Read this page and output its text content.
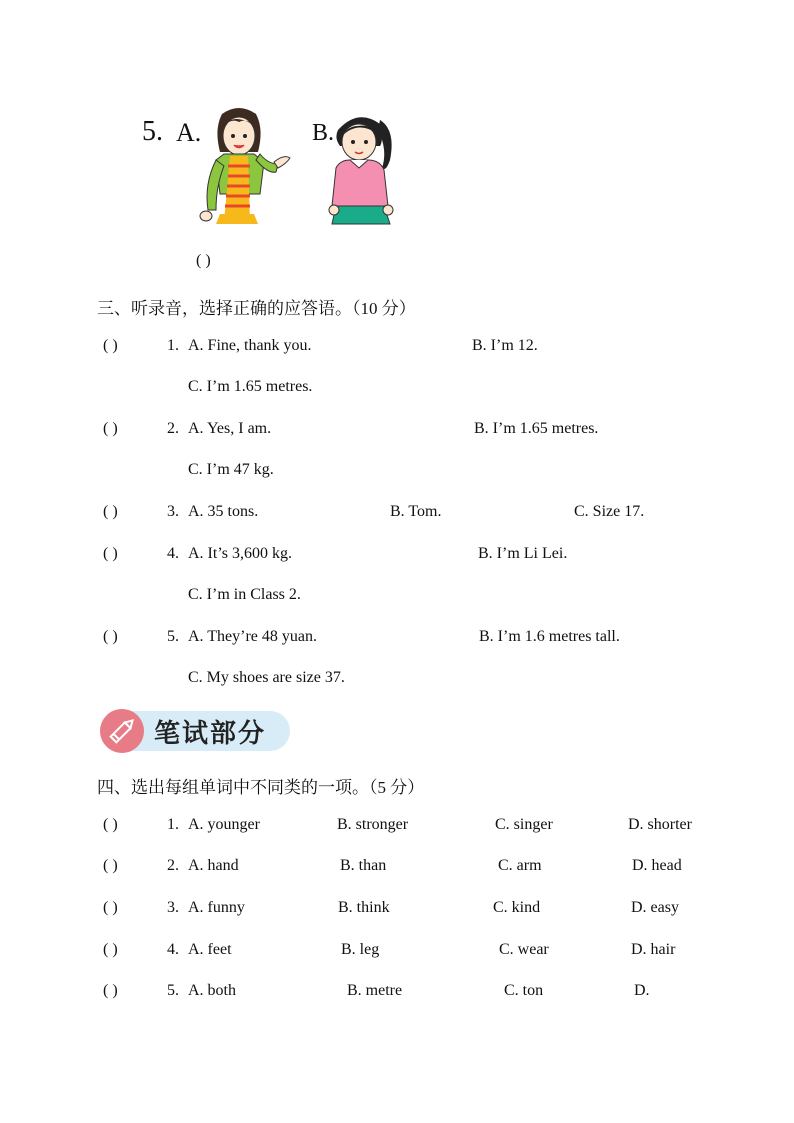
5. A.	B.
( )
三、听录音，选择正确的应答语。（10 分）
( )	1. A. Fine, thank you.	B. I’m 12.
C. I’m 1.65 metres.
( )	2. A. Yes, I am.	B. I’m 1.65 metres.
C. I’m 47 kg.
( )	3. A. 35 tons.	B. Tom.	C. Size 17.
( )	4. A. It’s 3,600 kg.	B. I’m Li Lei.
C. I’m in Class 2.
( )	5. A. They’re 48 yuan.	B. I’m 1.6 metres tall.
C. My shoes are size 37.
笔试部分
四、选出每组单词中不同类的一项。（5 分）
( )	1. A. younger	B. stronger	C. singer	D. shorter
( )	2. A. hand	B. than	C. arm	D. head
( )	3. A. funny	B. think	C. kind	D. easy
( )	4. A. feet	B. leg	C. wear	D. hair
( )	5. A. both	B. metre	C. ton	D.
